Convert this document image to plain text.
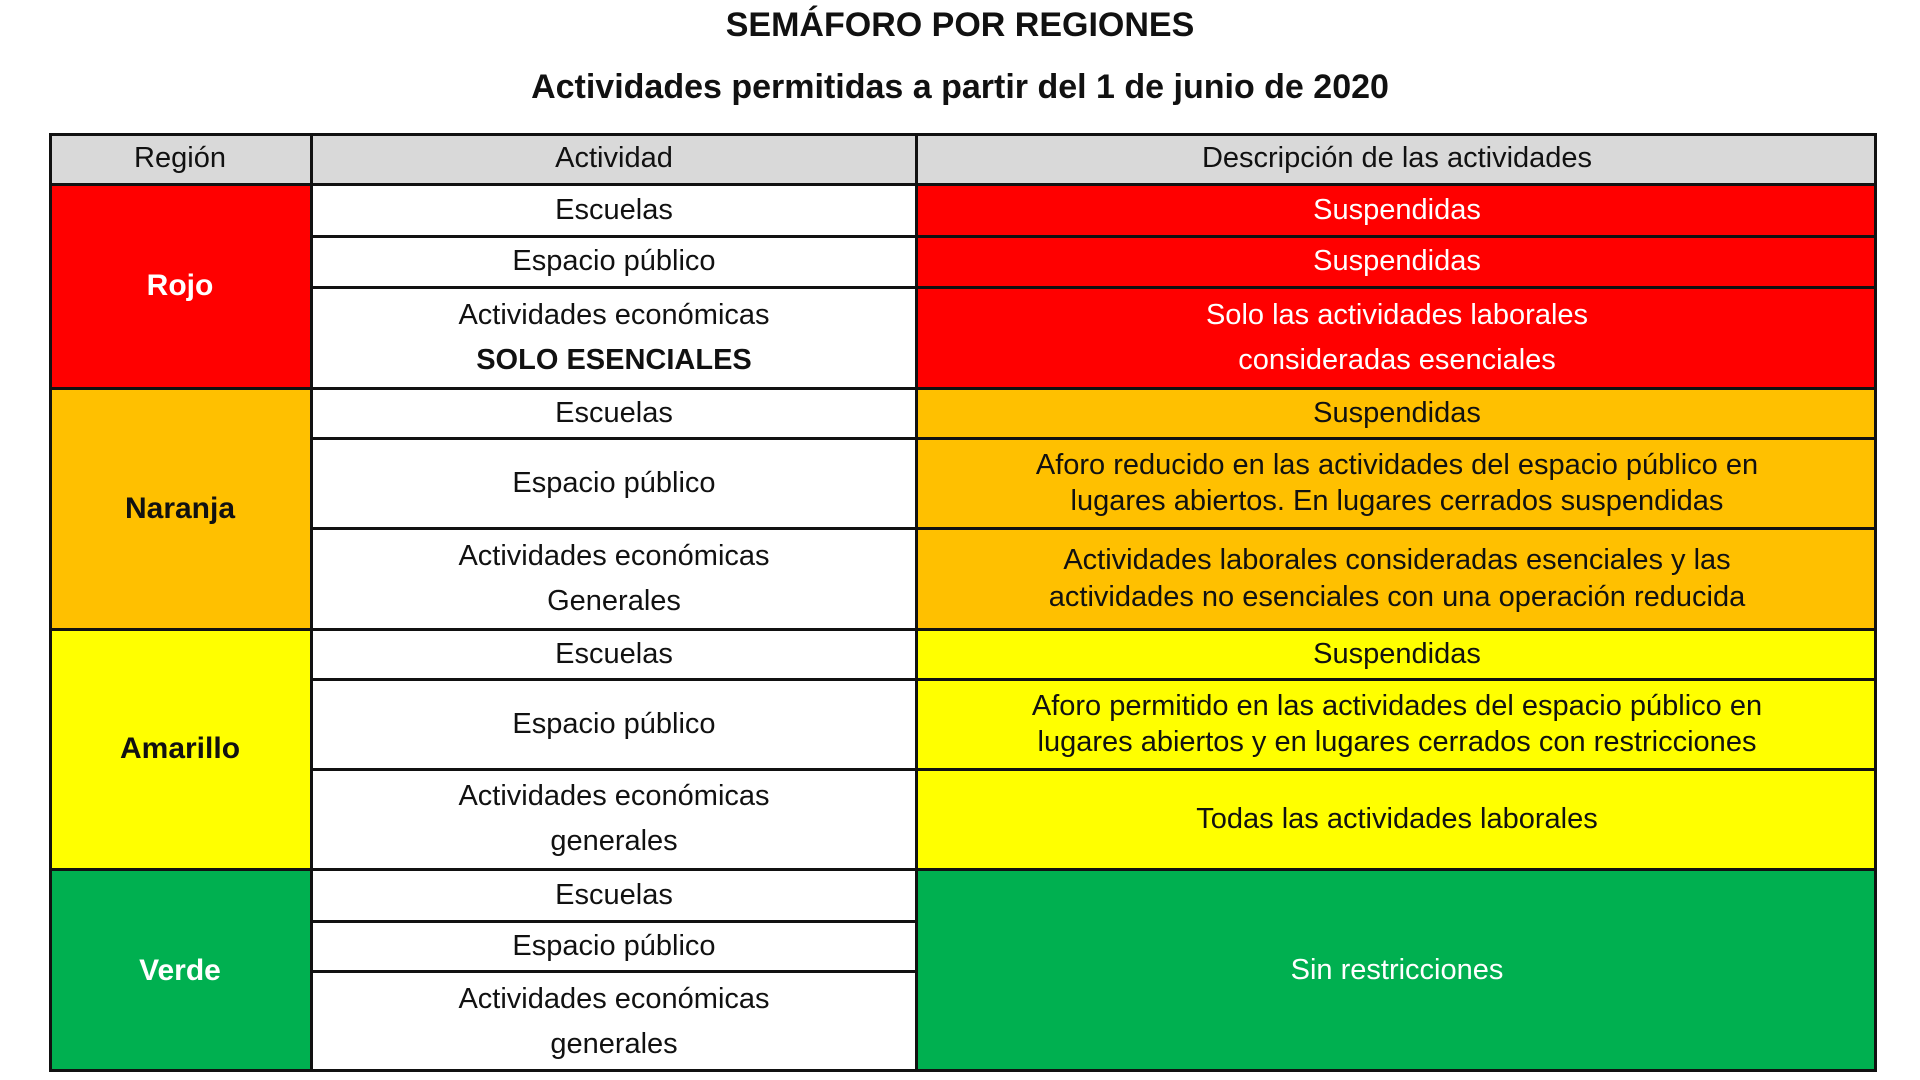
SEMÁFORO POR REGIONES
Actividades permitidas a partir del 1 de junio de 2020
Región	Actividad	Descripción de las actividades
Rojo
Escuelas
Espacio público
Actividades económicas
SOLO ESENCIALES
Suspendidas
Suspendidas
Solo las actividades laborales
consideradas esenciales
Naranja
Escuelas
Espacio público
Actividades económicas
Generales
Suspendidas
Aforo reducido en las actividades del espacio público en
lugares abiertos. En lugares cerrados suspendidas
Actividades laborales consideradas esenciales y las
actividades no esenciales con una operación reducida
Amarillo
Escuelas
Espacio público
Actividades económicas
generales
Suspendidas
Aforo permitido en las actividades del espacio público en
lugares abiertos y en lugares cerrados con restricciones
Todas las actividades laborales
Verde
Escuelas
Espacio público
Actividades económicas
generales
Sin restricciones
